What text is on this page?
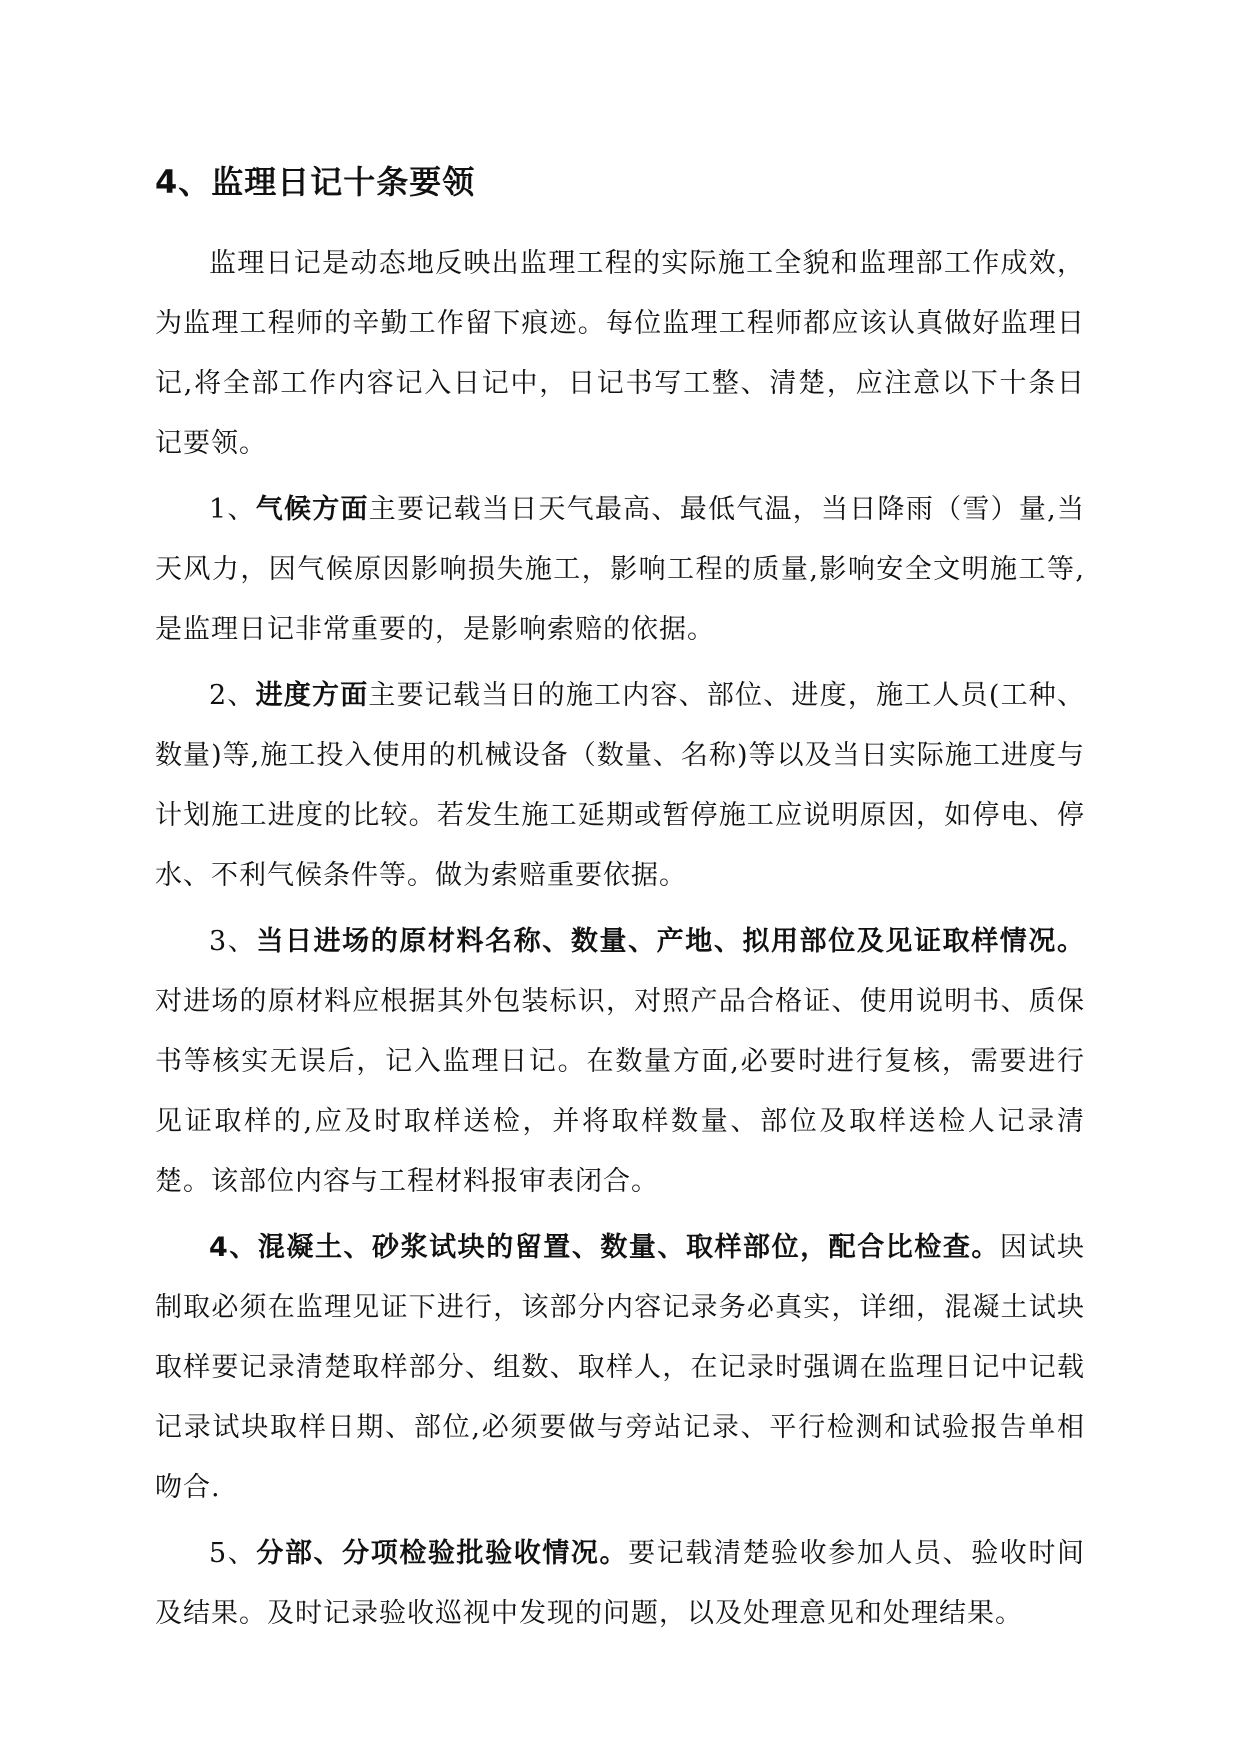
4、监理日记十条要领

监理日记是动态地反映出监理工程的实际施工全貌和监理部工作成效，为监理工程师的辛勤工作留下痕迹。每位监理工程师都应该认真做好监理日记,将全部工作内容记入日记中，日记书写工整、清楚，应注意以下十条日记要领。

1、气候方面主要记载当日天气最高、最低气温，当日降雨（雪）量,当天风力，因气候原因影响损失施工，影响工程的质量,影响安全文明施工等,是监理日记非常重要的，是影响索赔的依据。

2、进度方面主要记载当日的施工内容、部位、进度，施工人员(工种、数量)等,施工投入使用的机械设备（数量、名称)等以及当日实际施工进度与计划施工进度的比较。若发生施工延期或暂停施工应说明原因，如停电、停水、不利气候条件等。做为索赔重要依据。

3、当日进场的原材料名称、数量、产地、拟用部位及见证取样情况。对进场的原材料应根据其外包装标识，对照产品合格证、使用说明书、质保书等核实无误后，记入监理日记。在数量方面,必要时进行复核，需要进行见证取样的,应及时取样送检，并将取样数量、部位及取样送检人记录清楚。该部位内容与工程材料报审表闭合。

4、混凝土、砂浆试块的留置、数量、取样部位，配合比检查。因试块制取必须在监理见证下进行，该部分内容记录务必真实，详细，混凝土试块取样要记录清楚取样部分、组数、取样人，在记录时强调在监理日记中记载记录试块取样日期、部位,必须要做与旁站记录、平行检测和试验报告单相吻合.

5、分部、分项检验批验收情况。要记载清楚验收参加人员、验收时间及结果。及时记录验收巡视中发现的问题，以及处理意见和处理结果。
